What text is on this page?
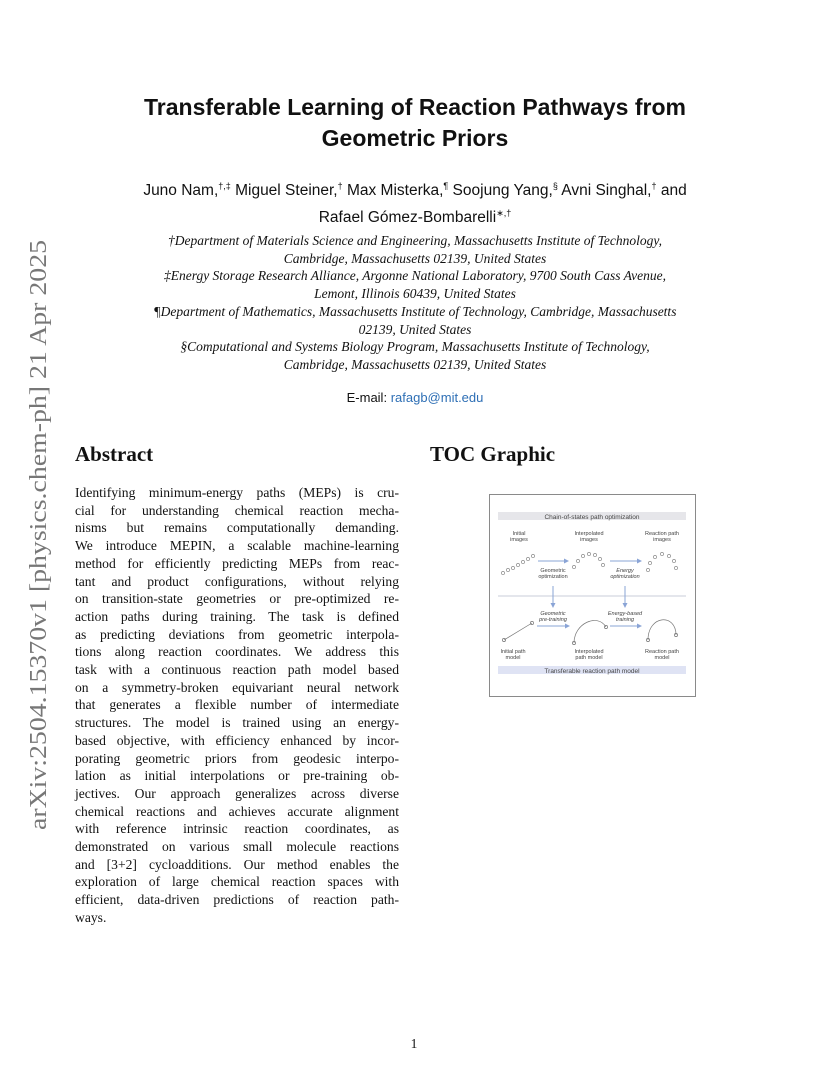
arXiv:2504.15370v1 [physics.chem-ph] 21 Apr 2025
Transferable Learning of Reaction Pathways from
Geometric Priors
Juno Nam,†,‡ Miguel Steiner,† Max Misterka,¶ Soojung Yang,§ Avni Singhal,† and
Rafael Gómez-Bombarelli∗,†
†Department of Materials Science and Engineering, Massachusetts Institute of Technology,
Cambridge, Massachusetts 02139, United States
‡Energy Storage Research Alliance, Argonne National Laboratory, 9700 South Cass Avenue,
Lemont, Illinois 60439, United States
¶Department of Mathematics, Massachusetts Institute of Technology, Cambridge, Massachusetts
02139, United States
§Computational and Systems Biology Program, Massachusetts Institute of Technology,
Cambridge, Massachusetts 02139, United States
E-mail: rafagb@mit.edu
Abstract
Identifying minimum-energy paths (MEPs) is cru-
cial for understanding chemical reaction mecha-
nisms but remains computationally demanding.
We introduce MEPIN, a scalable machine-learning
method for efficiently predicting MEPs from reac-
tant and product configurations, without relying
on transition-state geometries or pre-optimized re-
action paths during training. The task is defined
as predicting deviations from geometric interpola-
tions along reaction coordinates. We address this
task with a continuous reaction path model based
on a symmetry-broken equivariant neural network
that generates a flexible number of intermediate
structures. The model is trained using an energy-
based objective, with efficiency enhanced by incor-
porating geometric priors from geodesic interpo-
lation as initial interpolations or pre-training ob-
jectives. Our approach generalizes across diverse
chemical reactions and achieves accurate alignment
with reference intrinsic reaction coordinates, as
demonstrated on various small molecule reactions
and [3+2] cycloadditions. Our method enables the
exploration of large chemical reaction spaces with
efficient, data-driven predictions of reaction path-
ways.
TOC Graphic
Chain-of-states path optimization
Initial images
Interpolated images
Reaction path images
Geometric optimization
Energy optimization
Geometric pre-training
Energy-based training
Initial path model
Interpolated path model
Reaction path model
Transferable reaction path model
1
